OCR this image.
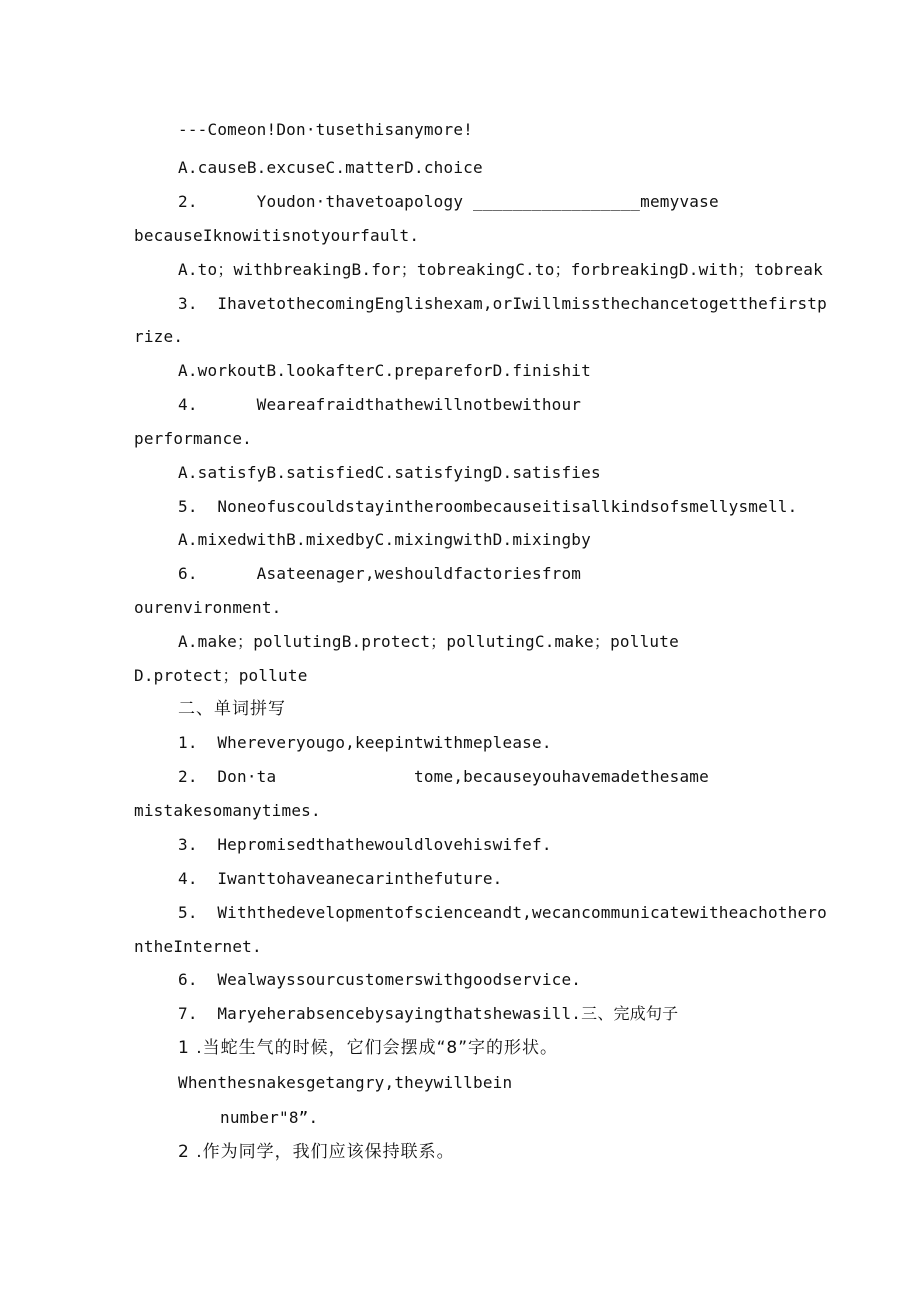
---Comeon!Don·tusethisanymore!
A.causeB.excuseC.matterD.choice
2.      Youdon·thavetoapology _________________memyvase
becauseIknowitisnotyourfault.
A.to；withbreakingB.for；tobreakingC.to；forbreakingD.with；tobreak
3.  IhavetothecomingEnglishexam,orIwillmissthechancetogetthefirstp
rize.
A.workoutB.lookafterC.prepareforD.finishit
4.      Weareafraidthathewillnotbewithour
performance.
A.satisfyB.satisfiedC.satisfyingD.satisfies
5.  Noneofuscouldstayintheroombecauseitisallkindsofsmellysmell.
A.mixedwithB.mixedbyC.mixingwithD.mixingby
6.      Asateenager,weshouldfactoriesfrom
ourenvironment.
A.make；pollutingB.protect；pollutingC.make；pollute
D.protect；pollute
二、单词拼写
1.  Whereveryougo,keepintwithmeplease.
2.  Don·ta              tome,becauseyouhavemadethesame
mistakesomanytimes.
3.  Hepromisedthathewouldlovehiswifef.
4.  Iwanttohaveanecarinthefuture.
5.  Withthedevelopmentofscienceandt,wecancommunicatewitheachothero
ntheInternet.
6.  Wealwayssourcustomerswithgoodservice.
7.  Maryeherabsencebysayingthatshewasill.三、完成句子
1 .当蛇生气的时候，它们会摆成“8”字的形状。
Whenthesnakesgetangry,theywillbein
number"8”.
2 .作为同学，我们应该保持联系。
